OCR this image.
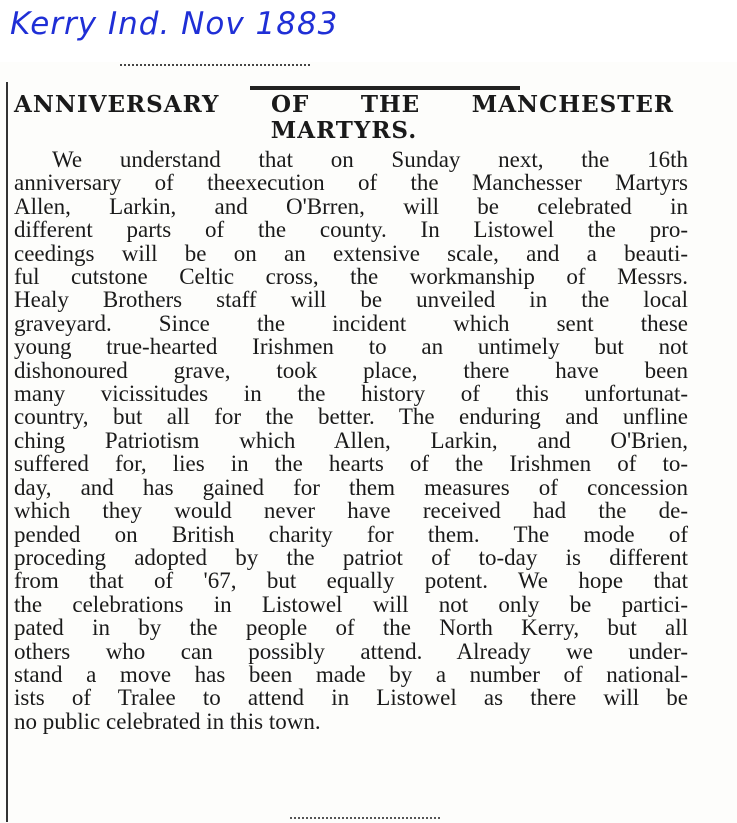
Kerry Ind. Nov 1883
ANNIVERSARY OF THE MANCHESTER
MARTYRS.
We understand that on Sunday next, the 16th
anniversary of theexecution of the Manchesser Martyrs
Allen, Larkin, and O'Brren, will be celebrated in
different parts of the county. In Listowel the pro-
ceedings will be on an extensive scale, and a beauti-
ful cutstone Celtic cross, the workmanship of Messrs.
Healy Brothers staff will be unveiled in the local
graveyard. Since the incident which sent these
young true-hearted Irishmen to an untimely but not
dishonoured grave, took place, there have been
many vicissitudes in the history of this unfortunat-
country, but all for the better. The enduring and unfline
ching Patriotism which Allen, Larkin, and O'Brien,
suffered for, lies in the hearts of the Irishmen of to-
day, and has gained for them measures of concession
which they would never have received had the de-
pended on British charity for them. The mode of
proceding adopted by the patriot of to-day is different
from that of '67, but equally potent. We hope that
the celebrations in Listowel will not only be partici-
pated in by the people of the North Kerry, but all
others who can possibly attend. Already we under-
stand a move has been made by a number of national-
ists of Tralee to attend in Listowel as there will be
no public celebrated in this town.
